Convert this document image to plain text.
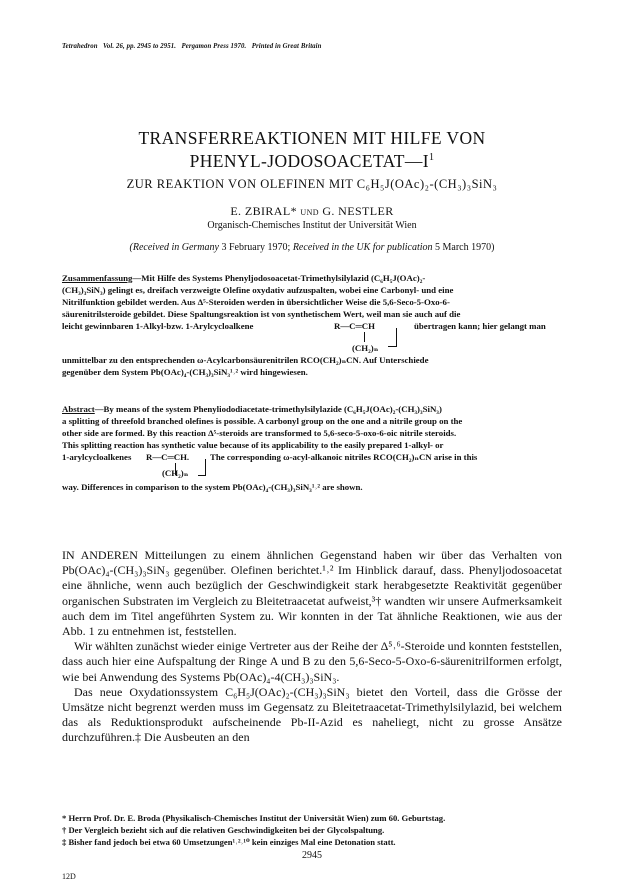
Tetrahedron Vol. 26, pp. 2945 to 2951. Pergamon Press 1970. Printed in Great Britain
TRANSFERREAKTIONEN MIT HILFE VON
PHENYL-$JODOSOACETAT—I^1$
ZUR REAKTION VON OLEFINEN MIT C₆H₅J(OAc)₂-(CH₃)₃SiN₃
E. ZBIRAL* und G. NESTLER
Organisch-Chemisches Institut der Universität Wien
(Received in Germany 3 February 1970; Received in the UK for publication 5 March 1970)
Zusammenfassung—Mit Hilfe des Systems Phenyljodosoacetat-Trimethylsilylazid (C₆H₅J(OAc)₂-
(CH₃)₃SiN₃) gelingt es, dreifach verzweigte Olefine oxydativ aufzuspalten, wobei eine Carbonyl- und eine
Nitrilfunktion gebildet werden. Aus Δ⁵-Steroiden werden in übersichtlicher Weise die 5,6-Seco-5-Oxo-6-
säurenitrilsteroide gebildet. Diese Spaltungsreaktion ist von synthetischem Wert, weil man sie auch auf die
leicht gewinnbaren 1-Alkyl-bzw. 1-Arylcycloalkene	R—C═CH	übertragen kann; hier gelangt man
(CH₂)ₙ
unmittelbar zu den entsprechenden ω-Acylcarbonsäurenitrilen RCO(CH₂)ₙCN. Auf Unterschiede
gegenüber dem System Pb(OAc)₄-(CH₃)₃SiN₃¹˒² wird hingewiesen.
Abstract—By means of the system Phenyliododiacetate-trimethylsilylazide (C₆H₅J(OAc)₂-(CH₃)₃SiN₃)
a splitting of threefold branched olefines is possible. A carbonyl group on the one and a nitrile group on the
other side are formed. By this reaction Δ⁵-steroids are transformed to 5,6-seco-5-oxo-6-oic nitrile steroids.
This splitting reaction has synthetic value because of its applicability to the easily prepared 1-alkyl- or
1-arylcycloalkenes R—C═CH. The corresponding ω-acyl-alkanoic nitriles RCO(CH₂)ₙCN arise in this
(CH₂)ₙ
way. Differences in comparison to the system Pb(OAc)₄-(CH₃)₃SiN₃¹˒² are shown.

IN ANDEREN Mitteilungen zu einem ähnlichen Gegenstand haben wir über das Verhalten von Pb(OAc)₄-(CH₃)₃SiN₃ gegenüber. Olefinen berichtet.¹˒² Im Hinblick darauf, dass. Phenyljodosoacetat eine ähnliche, wenn auch bezüglich der Geschwindigkeit stark herabgesetzte Reaktivität gegenüber organischen Substraten im Vergleich zu Bleitetraacetat aufweist,³† wandten wir unsere Aufmerksamkeit auch dem im Titel angeführten System zu. Wir konnten in der Tat ähnliche Reaktionen, wie aus der Abb. 1 zu entnehmen ist, feststellen.

Wir wählten zunächst wieder einige Vertreter aus der Reihe der Δ⁵˒⁶-Steroide und konnten feststellen, dass auch hier eine Aufspaltung der Ringe A und B zu den 5,6-Seco-5-Oxo-6-säurenitrilformen erfolgt, wie bei Anwendung des Systems Pb(OAc)₄-4(CH₃)₃SiN₃.

Das neue Oxydationssystem C₆H₅J(OAc)₂-(CH₃)₃SiN₃ bietet den Vorteil, dass die Grösse der Umsätze nicht begrenzt werden muss im Gegensatz zu Bleitetraacetat-Trimethylsilylazid, bei welchem das als Reduktionsprodukt aufscheinende Pb-II-Azid es naheliegt, nicht zu grosse Ansätze durchzuführen.‡ Die Ausbeuten an den

* Herrn Prof. Dr. E. Broda (Physikalisch-Chemisches Institut der Universität Wien) zum 60. Geburtstag.
† Der Vergleich bezieht sich auf die relativen Geschwindigkeiten bei der Glycolspaltung.
‡ Bisher fand jedoch bei etwa 60 Umsetzungen¹˒²˒¹⁰ kein einziges Mal eine Detonation statt.
2945
12D
